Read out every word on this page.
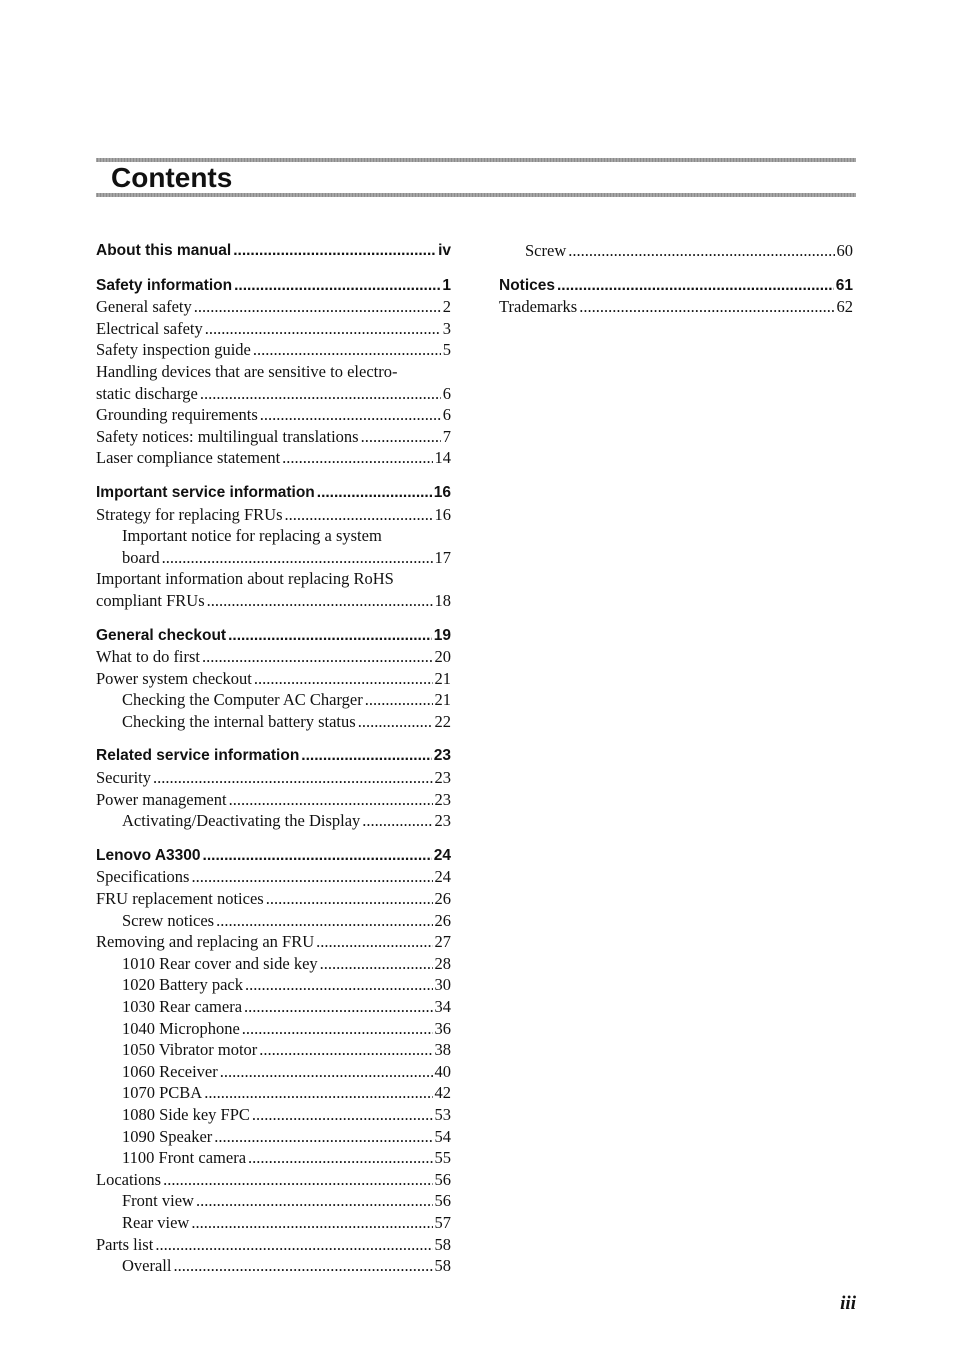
Contents
About this manual .....	iv
Safety information .....	1
General safety .....	2
Electrical safety .....	3
Safety inspection guide .....	5
Handling devices that are sensitive to electro-
static discharge .....	6
Grounding requirements .....	6
Safety notices: multilingual translations .....	7
Laser compliance statement .....	14
Important service information .....	16
Strategy for replacing FRUs .....	16
Important notice for replacing a system
board .....	17
Important information about replacing RoHS
compliant FRUs .....	18
General checkout .....	19
What to do first .....	20
Power system checkout .....	21
Checking the Computer AC Charger .....	21
Checking the internal battery status .....	22
Related service information .....	23
Security .....	23
Power management .....	23
Activating/Deactivating the Display .....	23
Lenovo A3300 .....	24
Specifications .....	24
FRU replacement notices .....	26
Screw notices .....	26
Removing and replacing an FRU .....	27
1010 Rear cover and side key .....	28
1020 Battery pack .....	30
1030 Rear camera .....	34
1040 Microphone .....	36
1050 Vibrator motor .....	38
1060 Receiver .....	40
1070 PCBA .....	42
1080 Side key FPC .....	53
1090 Speaker .....	54
1100 Front camera .....	55
Locations .....	56
Front view .....	56
Rear view .....	57
Parts list .....	58
Overall .....	58
Screw .....	60
Notices .....	61
Trademarks .....	62
iii
